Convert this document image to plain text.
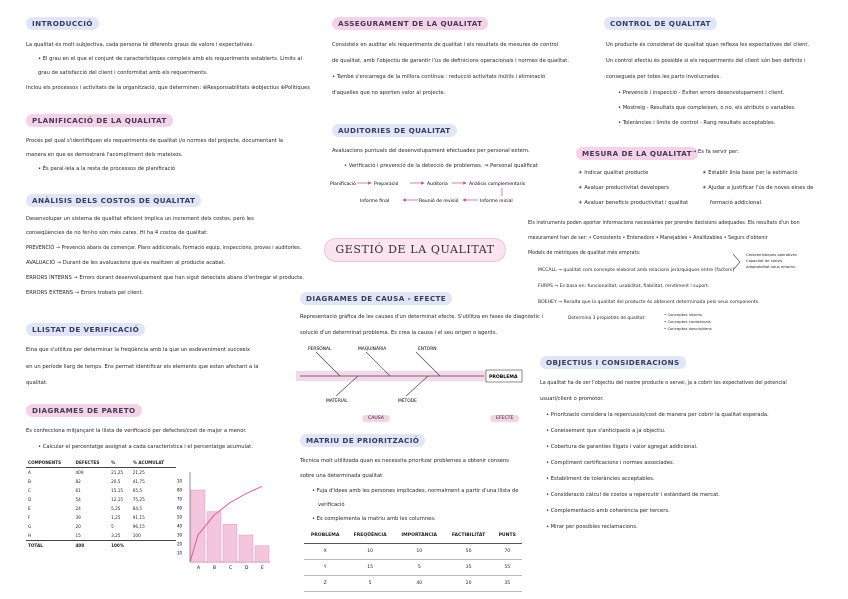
INTRODUCCIÓ
La qualitat és molt subjectiva, cada persona té diferents graus de valors i expectatives.
• El grau en el que el conjunt de característiques compleix amb els requeriments establerts. Límits al
grau de satisfacció del client i conformitat amb els requeriments.
Inclou els processos i activitats de la organització, que determinen: ⊕Responsabilitats ⊕objectius ⊕Polítiques
PLANIFICACIÓ DE LA QUALITAT
Procés pel qual s'identifiquen els requeriments de qualitat i/o normes del projecte, documentant la
manera en que es demostrarà l'acompliment dels mateixos.
• És paral·lela a la resta de processos de planificació
ANÀLISIS DELS COSTOS DE QUALITAT
Desenvolupar un sistema de qualitat eficient implica un increment dels costos, però les
conseqüències de no fer-ho són més cares. Hi ha 4 costos de qualitat:
PREVENCIÓ → Prevenció abans de començar. Plans addicionals, formació equip, inspeccions, proves i auditories.
AVALUACIÓ → Durant de les avaluacions que es realitzen al producte acabat.
ERRORS INTERNS → Errors durant desenvolupament que han sigut detectats abans d'entregar el producte.
ERRORS EXTERNS → Errors trobats pel client.
LLISTAT DE VERIFICACIÓ
Eina que s'utilitza per determinar la freqüència amb la que un esdeveniment succeeix
en un període llarg de temps. Ens permet identificar els elements que estan afectant a la
qualitat.
DIAGRAMES DE PARETO
Es confecciona mitjançant la llista de verificació per defectes/cost de major a menor.
• Calcular el percentatge assignat a cada característica i el percentatge acumulat.
COMPONENTS	DEFECTES	%	% ACUMULAT
A	409	21,25	21,25
B	82	20,5	41,75
C	61	15,15	65,5
D	54	12,15	75,25
E	24	5,25	84,5
F	39	1,25	91,15
G	20	5	96,15
H	15	3,25	100
TOTAL	400	100%	
10
80
70
60
50
40
30
20
10
A	B	C	D	E
ASSEGURAMENT DE LA QUALITAT
Consisteix en auditar els requeriments de qualitat i els resultats de mesures de control
de qualitat, amb l'objectiu de garantir l'ús de definicions operacionals i normes de qualitat.
• També s'encarrega de la millora contínua : reducció activitats inútils i eliminació
d'aquelles que no aporten valor al projecte.
AUDITORIES DE QUALITAT
Avaluacions puntuals del desenvolupament efectuades per personal extern.
• Verificació i prevenció de la detecció de problemes. ⇒ Personal qualificat
Planificació	Preparació	Auditoria	Anàlisis complementaris
Informe final	Reunió de revisió	Informe inicial
GESTIÓ DE LA QUALITAT
DIAGRAMES DE CAUSA - EFECTE
Representació gràfica de les causes d'un determinat efecte. S'utilitza en fases de diagnòstic i
solució d'un determinat problema. Es crea la causa i el seu origen o agents.
PERSONAL	MAQUINÀRIA	ENTORN
MATERIAL	MÈTODE
PROBLEMA
CAUSA	EFECTE
MATRIU DE PRIORITZACIÓ
Tècnica molt utilitzada quan es necessita prioritzar problemes a obtenir consens
sobre una determinada qualitat.
• Fuja d'idees amb les persones implicades, normalment a partir d'una llista de
verificació
• Es complementa la matriu amb les columnes:
PROBLEMA	FREQÜÈNCIA	IMPORTÀNCIA	FACTIBILITAT	PUNTS
X	10	10	50	70
Y	15	5	35	55
Z	5	40	20	35
CONTROL DE QUALITAT
Un producte és considerat de qualitat quan reflexa les expectatives del client.
Un control efectiu és possible si els requeriments del client són ben definits i
consegueix per totes les parts involucrades.
• Prevenció i inspecció - Eviten errors desenvolupament i client.
• Mostreig - Resultats que compleixen, o no, els atributs o variables.
• Toleràncies i límits de control - Rang resultats acceptables.
MESURA DE LA QUALITAT → Es fa servir per:
☀ Indicar qualitat producte
☀ Avaluar productivitat developers
☀ Avaluar beneficis productivitat i qualitat
☀ Establir línia base per la estimació
☀ Ajudar a justificar l'ús de noves eines de
formació addicional.
Els instruments poden aportar informacions necessàries per prendre decisions adequades. Els resultats d'un bon
mesurament han de ser: • Consistents • Entenedors • Manejables • Analitzables • Segurs d'obtenir
Models de mètriques de qualitat més emprats:
MCCALL → qualitat com concepte elaborat amb relacions jeràrquiques entre [factors]
FURPS → Es basa en: funcionalitat, usabilitat, fiabilitat, rendiment i suport.
BOEHEY → Resalta que la qualitat del producte és obtenent determinada pels seus components.
Determina 3 propietats de qualitat:
• Conceptes interns
• Conceptes contextuals
• Conceptes descriptiens
Característiques operatives
Capacitat de canvis
Adaptabilitat nous entorns
OBJECTIUS I CONSIDERACIONS
La qualitat ha de ser l'objectiu del nostre producte o servei, ja a cobrir les expectatives del potencial
usuari/client o promotor.
• Prioritzacio considera la repercussió/cost de manera per cobrir la qualitat esperada.
• Coneixement que s'anticipació a ja objectiu.
• Cobertura de garanties lligats i valor agregat addicional.
• Compliment certificacions i normes associades.
• Establiment de toleràncies acceptables.
• Consideració càlcul de costos a repercutir i estàndard de mercat.
• Complementació amb coherència per tercers.
• Mirar per possibles reclamacions.
